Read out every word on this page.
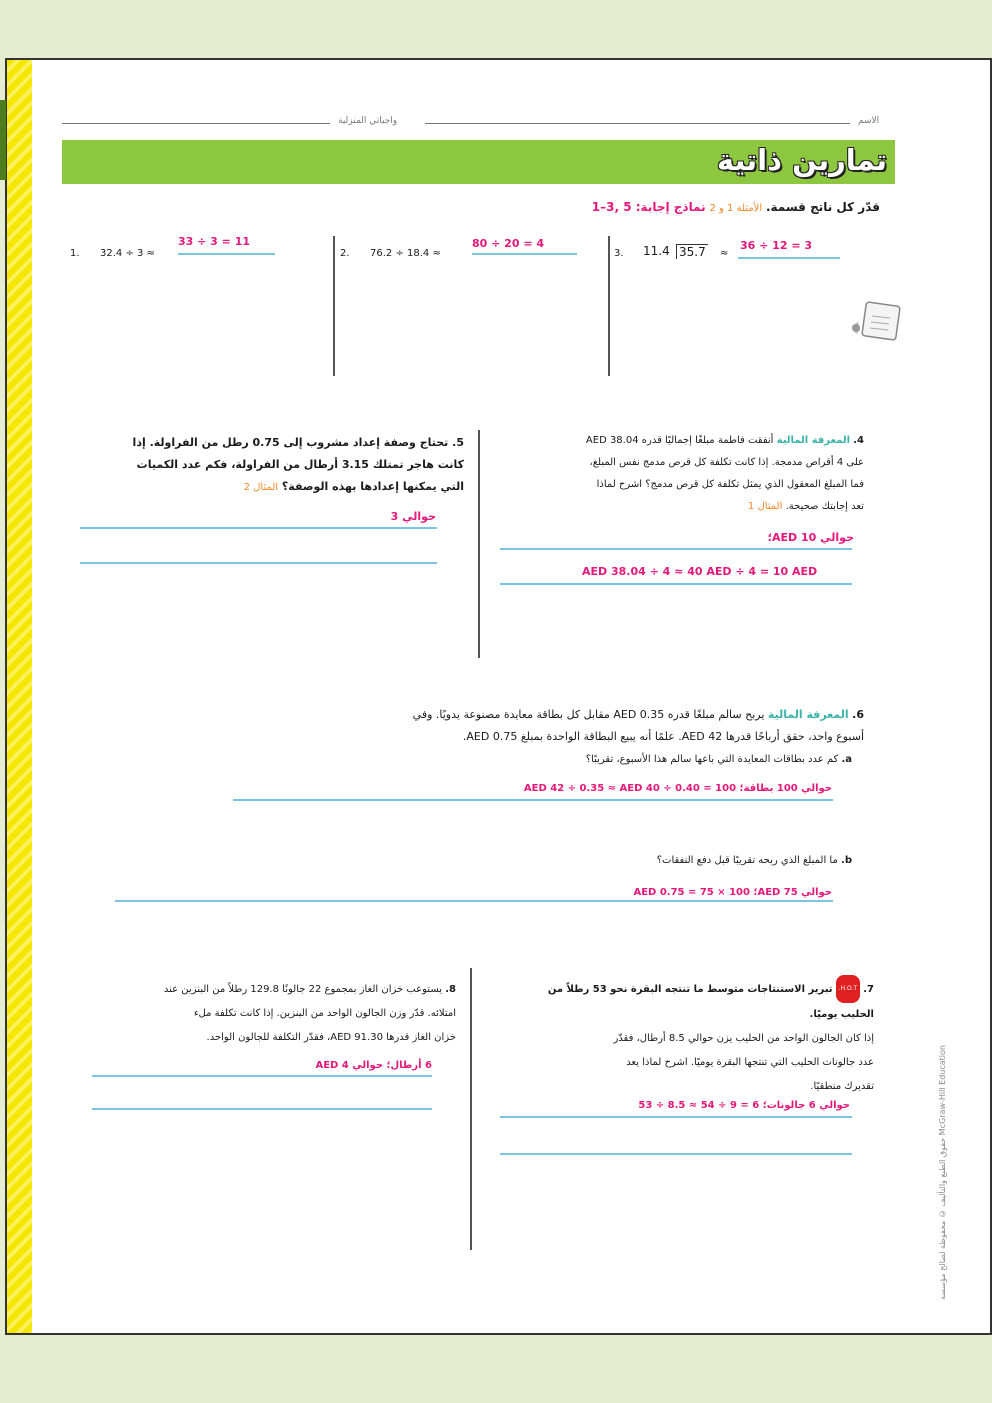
واجباتي المنزلية	الاسم
تمارين ذاتية
قدّر كل ناتج قسمة. الأمثلة 1 و 2 نماذج إجابة: 5 ,3–1
1. 32.4 ÷ 3 ≈
33 ÷ 3 = 11
2. 76.2 ÷ 18.4 ≈
80 ÷ 20 = 4
3. 11.4 35.7 ≈
36 ÷ 12 = 3
4. المعرفة المالية أنفقت فاطمة مبلغًا إجماليًا قدره AED 38.04
على 4 أقراص مدمجة. إذا كانت تكلفة كل قرص مدمج نفس المبلغ،
فما المبلغ المعقول الذي يمثل تكلفة كل قرص مدمج؟ اشرح لماذا
تعد إجابتك صحيحة. المثال 1
حوالي AED 10؛
AED 38.04 ÷ 4 ≈ 40 AED ÷ 4 = 10 AED
5. تحتاج وصفة إعداد مشروب إلى 0.75 رطل من الفراولة. إذا
كانت هاجر تمتلك 3.15 أرطال من الفراولة، فكم عدد الكميات
التي يمكنها إعدادها بهذه الوصفة؟ المثال 2
حوالي 3
6. المعرفة المالية يربح سالم مبلغًا قدره AED 0.35 مقابل كل بطاقة معايدة مصنوعة يدويًا. وفي
أسبوع واحد، حقق أرباحًا قدرها AED 42. علمًا أنه يبيع البطاقة الواحدة بمبلغ AED 0.75.
a. كم عدد بطاقات المعايدة التي باعها سالم هذا الأسبوع، تقريبًا؟
حوالي 100 بطاقة؛ AED 42 ÷ 0.35 ≈ AED 40 ÷ 0.40 = 100
b. ما المبلغ الذي ربحه تقريبًا قبل دفع النفقات؟
حوالي AED 75؛ AED 0.75 = 75 × 100
7. H.O.T. تبرير الاستنتاجات متوسط ما تنتجه البقرة نحو 53 رطلاً من
الحليب يوميًا.
إذا كان الجالون الواحد من الحليب يزن حوالي 8.5 أرطال، فقدّر
عدد جالونات الحليب التي تنتجها البقرة يوميًا. اشرح لماذا يعد
تقديرك منطقيًا.
حوالي 6 جالونات؛ 6 = 9 ÷ 54 ≈ 8.5 ÷ 53
8. يستوعب خزان الغاز بمجموع 22 جالونًا 129.8 رطلاً من البنزين عند
امتلائه. قدّر وزن الجالون الواحد من البنزين. إذا كانت تكلفة ملء
خزان الغاز قدرها AED 91.30، فقدّر التكلفة للجالون الواحد.
6 أرطال؛ حوالي AED 4
حقوق الطبع والتأليف © محفوظة لصالح مؤسسة McGraw-Hill Education
